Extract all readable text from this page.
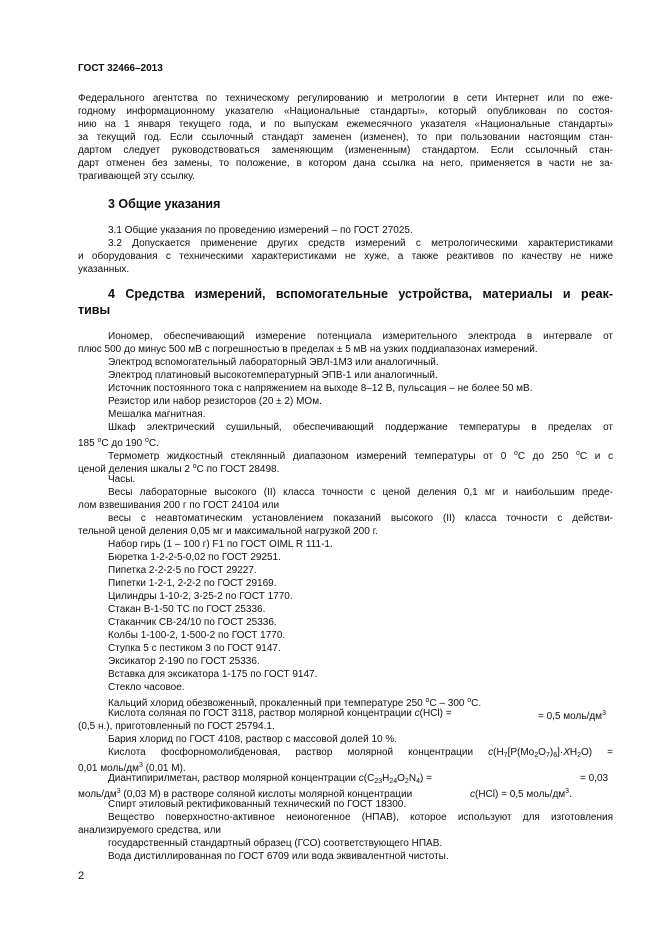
ГОСТ 32466–2013
Федерального агентства по техническому регулированию и метрологии в сети Интернет или по еже-
годному информационному указателю «Национальные стандарты», который опубликован по состоя-
нию на 1 января текущего года, и по выпускам ежемесячного указателя «Национальные стандарты»
за текущий год. Если ссылочный стандарт заменен (изменен), то при пользовании настоящим стан-
дартом следует руководствоваться заменяющим (измененным) стандартом. Если ссылочный стан-
дарт отменен без замены, то положение, в котором дана ссылка на него, применяется в части не за-
трагивающей эту ссылку.
3 Общие указания
3.1 Общие указания по проведению измерений – по ГОСТ 27025.
3.2 Допускается применение других средств измерений с метрологическими характеристиками
и оборудования с техническими характеристиками не хуже, а также реактивов по качеству не ниже
указанных.
4 Средства измерений, вспомогательные устройства, материалы и реак-
тивы
Иономер, обеспечивающий измерение потенциала измерительного электрода в интервале от
плюс 500 до минус 500 мВ с погрешностью в пределах ± 5 мВ на узких поддиапазонах измерений.
Электрод вспомогательный лабораторный ЭВЛ-1М3 или аналогичный.
Электрод платиновый высокотемпературный ЭПВ-1 или аналогичный.
Источник постоянного тока с напряжением на выходе 8–12 В, пульсация – не более 50 мВ.
Резистор или набор резисторов (20 ± 2) МОм.
Мешалка магнитная.
Шкаф электрический сушильный, обеспечивающий поддержание температуры в пределах от
185 $^о$C до 190 $^о$C.
Термометр жидкостный стеклянный диапазоном измерений температуры от 0 $^о$C до 250 $^о$C и с
ценой деления шкалы 2 $^о$C по ГОСТ 28498.
Часы.
Весы лабораторные высокого (II) класса точности с ценой деления 0,1 мг и наибольшим преде-
лом взвешивания 200 г по ГОСТ 24104 или
весы с неавтоматическим установлением показаний высокого (II) класса точности с действи-
тельной ценой деления 0,05 мг и максимальной нагрузкой 200 г.
Набор гирь (1 – 100 г) F1 по ГОСТ OIML R 111-1.
Бюретка 1-2-2-5-0,02 по ГОСТ 29251.
Пипетка 2-2-2-5 по ГОСТ 29227.
Пипетки 1-2-1, 2-2-2 по ГОСТ 29169.
Цилиндры 1-10-2, 3-25-2 по ГОСТ 1770.
Стакан В-1-50 ТС по ГОСТ 25336.
Стаканчик СВ-24/10 по ГОСТ 25336.
Колбы 1-100-2, 1-500-2 по ГОСТ 1770.
Ступка 5 с пестиком 3 по ГОСТ 9147.
Эксикатор 2-190 по ГОСТ 25336.
Вставка для эксикатора 1-175 по ГОСТ 9147.
Стекло часовое.
Кальций хлорид обезвоженный, прокаленный при температуре 250 $^о$C – 300 $^о$C.
Кислота соляная по ГОСТ 3118, раствор молярной концентрации c(HCl) =	= 0,5 моль/$дм^3$
(0,5 н.), приготовленный по ГОСТ 25794.1.
Бария хлорид по ГОСТ 4108, раствор с массовой долей 10 %.
Кислота фосфорномолибденовая, раствор молярной концентрации $c(H_7[P(Mo_2O_7)_6]\cdot XH_2O)$ =
0,01 моль/$дм^3$ (0,01 М).
Диантипирилметан, раствор молярной концентрации $c(C_{23}H_{24}O_2N_4)$ =	= 0,03
моль/$дм^3$ (0,03 М) в растворе соляной кислоты молярной концентрации	c(HCl) = 0,5 моль/$дм^3$.
Спирт этиловый ректификованный технический по ГОСТ 18300.
Вещество поверхностно-активное неионогенное (НПАВ), которое используют для изготовления
анализируемого средства, или
государственный стандартный образец (ГСО) соответствующего НПАВ.
Вода дистиллированная по ГОСТ 6709 или вода эквивалентной чистоты.
2
